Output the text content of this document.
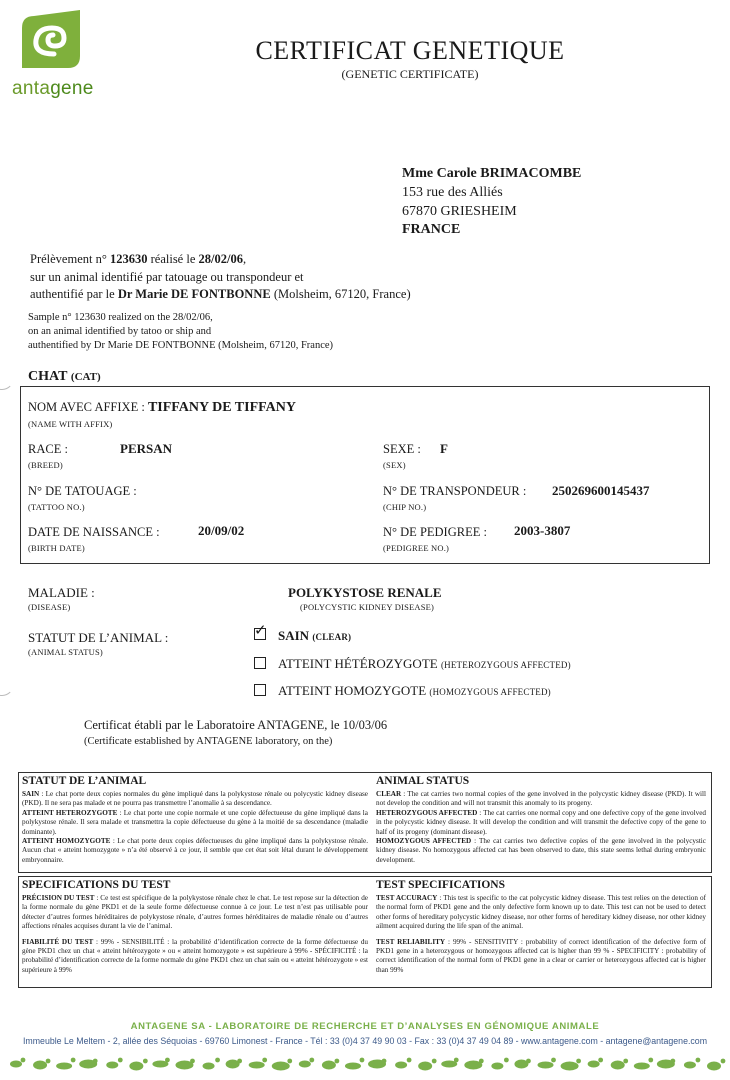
antagene
CERTIFICAT GENETIQUE
(GENETIC CERTIFICATE)
Mme Carole BRIMACOMBE
153 rue des Alliés
67870 GRIESHEIM
FRANCE
Prélèvement n° 123630 réalisé le 28/02/06,
sur un animal identifié par tatouage ou transpondeur et
authentifié par le Dr Marie DE FONTBONNE (Molsheim, 67120, France)
Sample n° 123630 realized on the 28/02/06,
on an animal identified by tatoo or ship and
authentified by Dr Marie DE FONTBONNE (Molsheim, 67120, France)
CHAT (CAT)
NOM AVEC AFFIXE : TIFFANY DE TIFFANY
(NAME WITH AFFIX)
RACE :	PERSAN
(BREED)
SEXE : F
(SEX)
N° DE TATOUAGE :
(TATTOO NO.)
N° DE TRANSPONDEUR : 250269600145437
(CHIP NO.)
DATE DE NAISSANCE :	20/09/02
(BIRTH DATE)
N° DE PEDIGREE : 2003-3807
(PEDIGREE NO.)
MALADIE :
(DISEASE)
POLYKYSTOSE RENALE
(POLYCYSTIC KIDNEY DISEASE)
STATUT DE L’ANIMAL :
(ANIMAL STATUS)
✓ SAIN (CLEAR)
ATTEINT HÉTÉROZYGOTE (HETEROZYGOUS AFFECTED)
ATTEINT HOMOZYGOTE (HOMOZYGOUS AFFECTED)
Certificat établi par le Laboratoire ANTAGENE, le 10/03/06
(Certificate established by ANTAGENE laboratory, on the)
STATUT DE L’ANIMAL
SAIN : Le chat porte deux copies normales du gène impliqué dans la polykystose rénale ou polycystic kidney disease (PKD). Il ne sera pas malade et ne pourra pas transmettre l’anomalie à sa descendance.
ATTEINT HETEROZYGOTE : Le chat porte une copie normale et une copie défectueuse du gène impliqué dans la polykystose rénale. Il sera malade et transmettra la copie défectueuse du gène à la moitié de sa descendance (maladie dominante).
ATTEINT HOMOZYGOTE : Le chat porte deux copies défectueuses du gène impliqué dans la polykystose rénale. Aucun chat « atteint homozygote » n’a été observé à ce jour, il semble que cet état soit létal durant le développement embryonnaire.
ANIMAL STATUS
CLEAR : The cat carries two normal copies of the gene involved in the polycystic kidney disease (PKD). It will not develop the condition and will not transmit this anomaly to its progeny.
HETEROZYGOUS AFFECTED : The cat carries one normal copy and one defective copy of the gene involved in the polycystic kidney disease. It will develop the condition and will transmit the defective copy of the gene to half of its progeny (dominant disease).
HOMOZYGOUS AFFECTED : The cat carries two defective copies of the gene involved in the polycystic kidney disease. No homozygous affected cat has been observed to date, this state seems lethal during embryonic development.
SPECIFICATIONS DU TEST
PRÉCISION DU TEST : Ce test est spécifique de la polykystose rénale chez le chat. Le test repose sur la détection de la forme normale du gène PKD1 et de la seule forme défectueuse connue à ce jour. Le test n’est pas utilisable pour détecter d’autres formes héréditaires de polykystose rénale, d’autres formes héréditaires de maladie rénale ou d’autres affections rénales acquises durant la vie de l’animal.
FIABILITÉ DU TEST : 99% - SENSIBILITÉ : la probabilité d’identification correcte de la forme défectueuse du gène PKD1 chez un chat « atteint hétérozygote » ou « atteint homozygote » est supérieure à 99% - SPÉCIFICITÉ : la probabilité d’identification correcte de la forme normale du gène PKD1 chez un chat sain ou « atteint hétérozygote » est supérieure à 99%
TEST SPECIFICATIONS
TEST ACCURACY : This test is specific to the cat polycystic kidney disease. This test relies on the detection of the normal form of PKD1 gene and the only defective form known up to date. This test can not be used to detect other forms of hereditary polycystic kidney disease, nor other forms of hereditary kidney disease, nor other kidney ailment acquired during the life span of the animal.
TEST RELIABILITY : 99% - SENSITIVITY : probability of correct identification of the defective form of PKD1 gene in a heterozygous or homozygous affected cat is higher than 99 % - SPECIFICITY : probability of correct identification of the normal form of PKD1 gene in a clear or carrier or heterozygous affected cat is higher than 99%
ANTAGENE SA - LABORATOIRE DE RECHERCHE ET D’ANALYSES EN GÉNOMIQUE ANIMALE
Immeuble Le Meltem - 2, allée des Séquoias - 69760 Limonest - France - Tél : 33 (0)4 37 49 90 03 - Fax : 33 (0)4 37 49 04 89 - www.antagene.com - antagene@antagene.com
